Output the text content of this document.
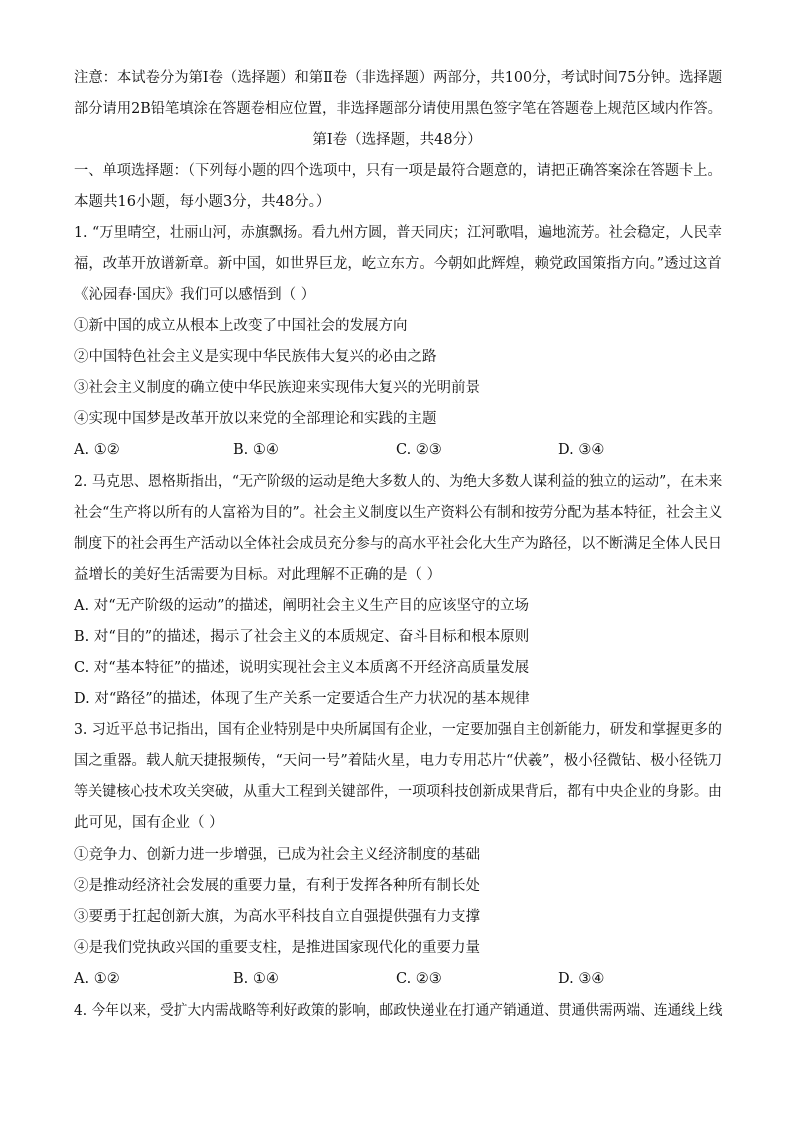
注意：本试卷分为第Ⅰ卷（选择题）和第Ⅱ卷（非选择题）两部分，共100分，考试时间75分钟。选择题
部分请用2B铅笔填涂在答题卷相应位置，非选择题部分请使用黑色签字笔在答题卷上规范区域内作答。
第Ⅰ卷（选择题，共48分）
一、单项选择题：（下列每小题的四个选项中，只有一项是最符合题意的，请把正确答案涂在答题卡上。
本题共16小题，每小题3分，共48分。）
1. “万里晴空，壮丽山河，赤旗飘扬。看九州方圆，普天同庆；江河歌唱，遍地流芳。社会稳定，人民幸
福，改革开放谱新章。新中国，如世界巨龙，屹立东方。今朝如此辉煌，赖党政国策指方向。”透过这首
《沁园春·国庆》我们可以感悟到（ ）
①新中国的成立从根本上改变了中国社会的发展方向
②中国特色社会主义是实现中华民族伟大复兴的必由之路
③社会主义制度的确立使中华民族迎来实现伟大复兴的光明前景
④实现中国梦是改革开放以来党的全部理论和实践的主题
A. ①②	B. ①④	C. ②③	D. ③④
2. 马克思、恩格斯指出，“无产阶级的运动是绝大多数人的、为绝大多数人谋利益的独立的运动”，在未来
社会“生产将以所有的人富裕为目的”。社会主义制度以生产资料公有制和按劳分配为基本特征，社会主义
制度下的社会再生产活动以全体社会成员充分参与的高水平社会化大生产为路径，以不断满足全体人民日
益增长的美好生活需要为目标。对此理解不正确的是（ ）
A. 对“无产阶级的运动”的描述，阐明社会主义生产目的应该坚守的立场
B. 对“目的”的描述，揭示了社会主义的本质规定、奋斗目标和根本原则
C. 对“基本特征”的描述，说明实现社会主义本质离不开经济高质量发展
D. 对“路径”的描述，体现了生产关系一定要适合生产力状况的基本规律
3. 习近平总书记指出，国有企业特别是中央所属国有企业，一定要加强自主创新能力，研发和掌握更多的
国之重器。载人航天捷报频传，“天问一号”着陆火星，电力专用芯片“伏羲”，极小径微钻、极小径铣刀
等关键核心技术攻关突破，从重大工程到关键部件，一项项科技创新成果背后，都有中央企业的身影。由
此可见，国有企业（ ）
①竞争力、创新力进一步增强，已成为社会主义经济制度的基础
②是推动经济社会发展的重要力量，有利于发挥各种所有制长处
③要勇于扛起创新大旗，为高水平科技自立自强提供强有力支撑
④是我们党执政兴国的重要支柱，是推进国家现代化的重要力量
A. ①②	B. ①④	C. ②③	D. ③④
4. 今年以来，受扩大内需战略等利好政策的影响，邮政快递业在打通产销通道、贯通供需两端、连通线上线
